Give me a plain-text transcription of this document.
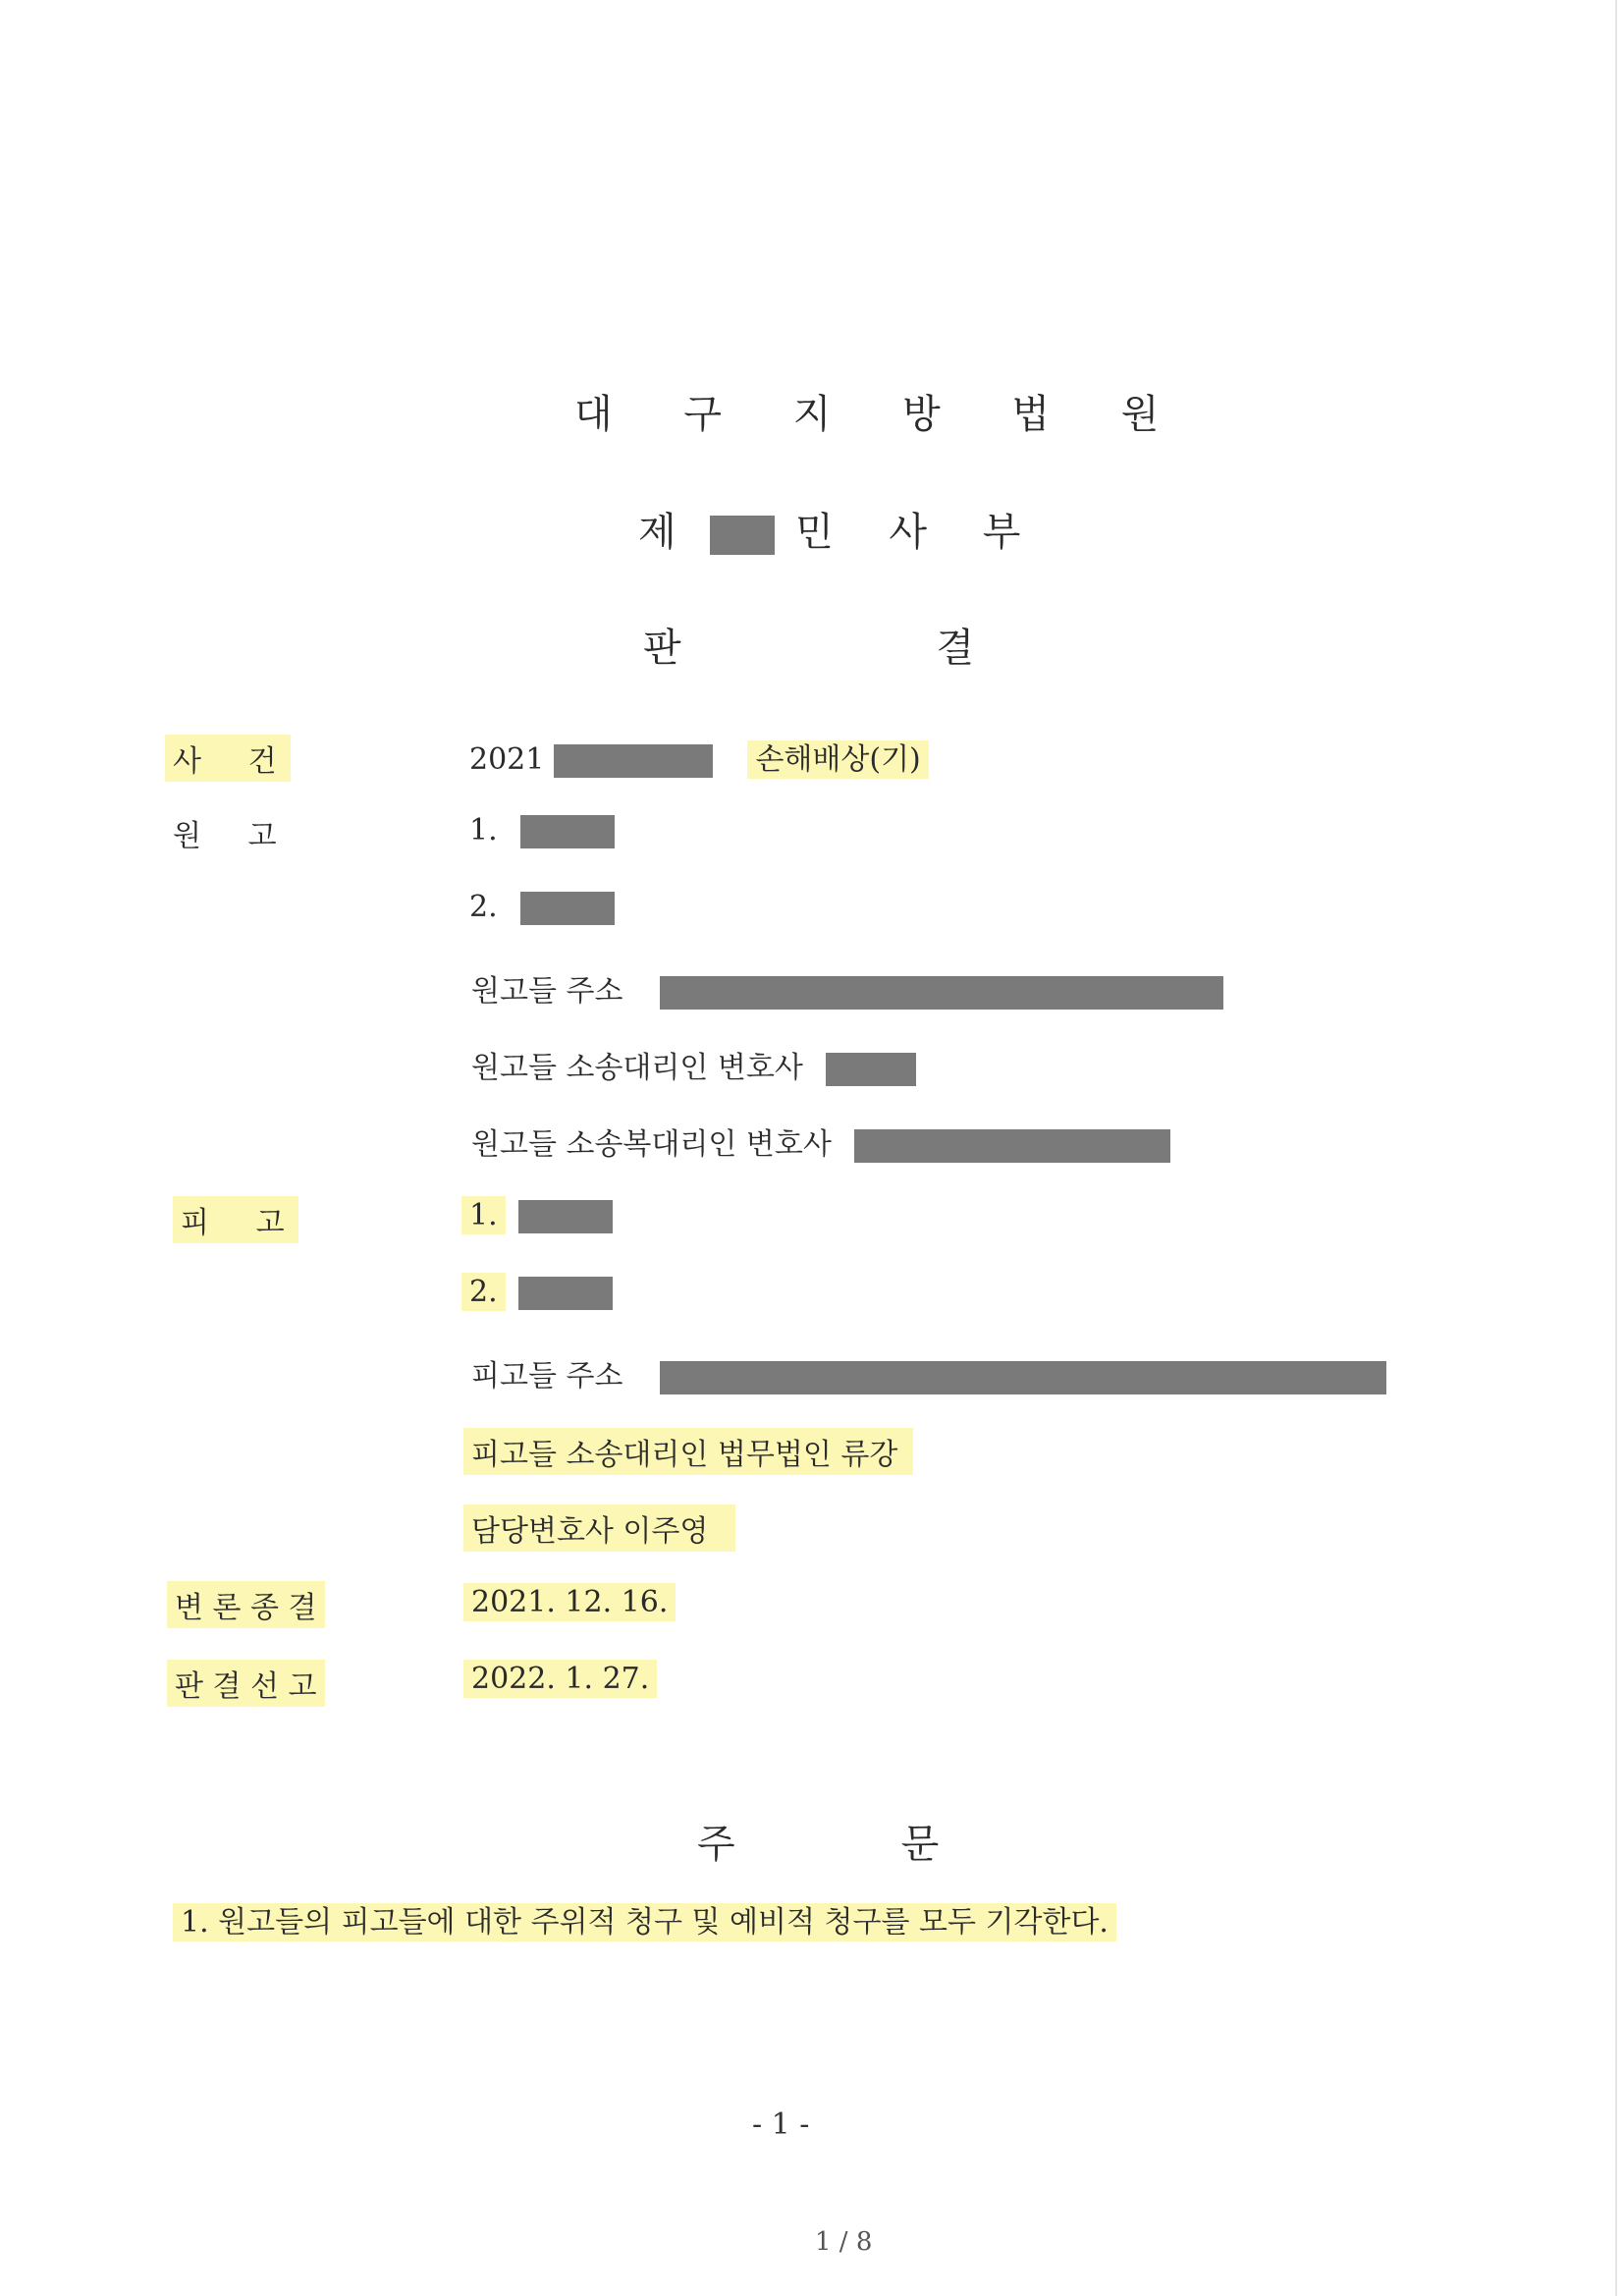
대 구 지 방 법 원
제	민 사 부
판           결
사     건
원     고
피     고
변 론 종 결
판 결 선 고
2021	손해배상(기)
1.
2.
원고들 주소
원고들 소송대리인 변호사
원고들 소송복대리인 변호사
1.
2.
피고들 주소
피고들 소송대리인 법무법인 류강
담당변호사 이주영
2021. 12. 16.
2022. 1. 27.
주       문
1. 원고들의 피고들에 대한 주위적 청구 및 예비적 청구를 모두 기각한다.
- 1 -
1 / 8
